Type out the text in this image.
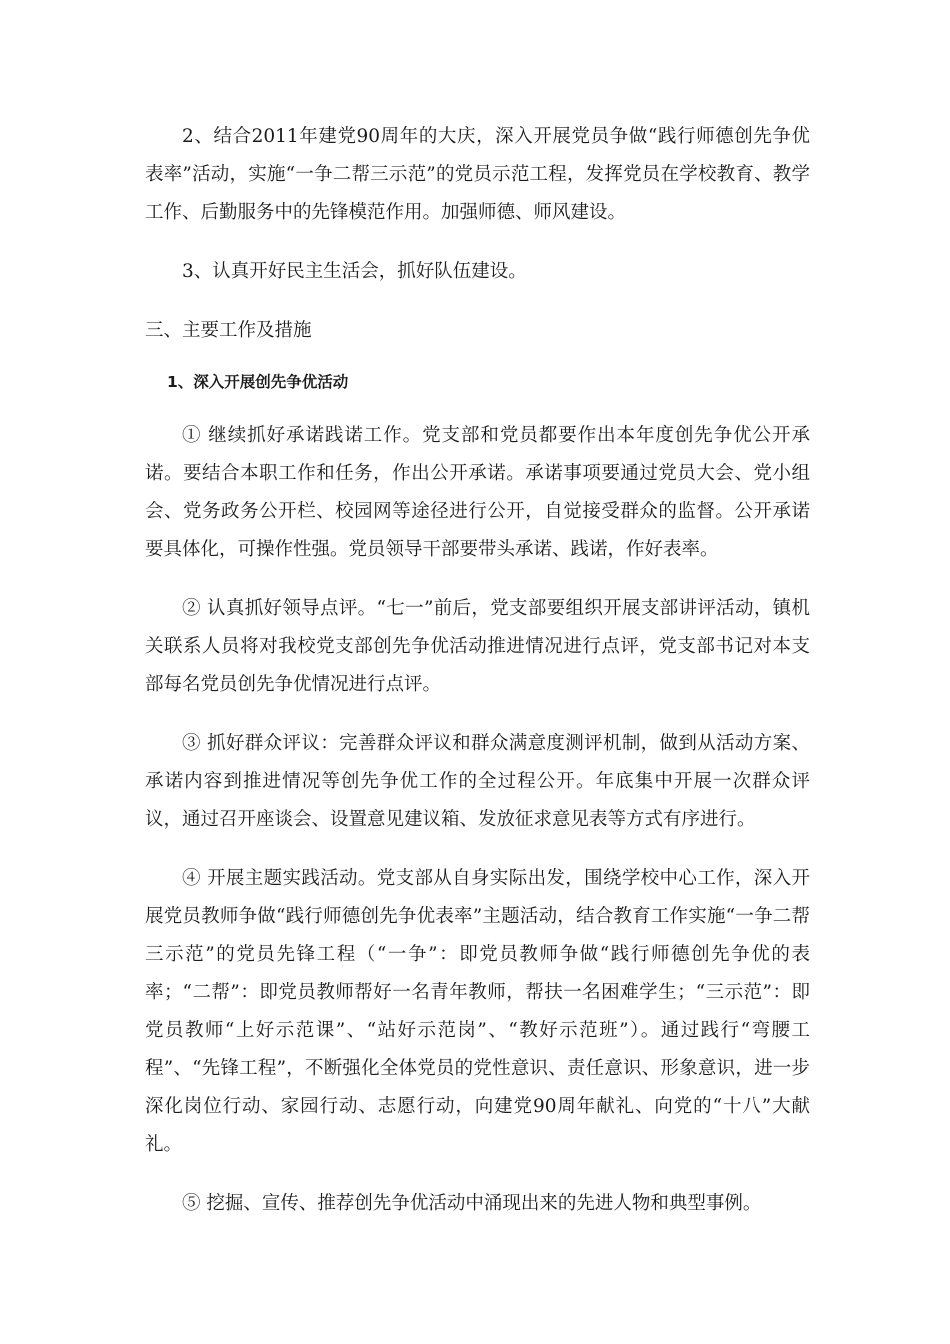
2、结合2011年建党90周年的大庆，深入开展党员争做“践行师德创先争优表率”活动，实施“一争二帮三示范”的党员示范工程，发挥党员在学校教育、教学工作、后勤服务中的先锋模范作用。加强师德、师风建设。

3、认真开好民主生活会，抓好队伍建设。

三、主要工作及措施
1、深入开展创先争优活动

① 继续抓好承诺践诺工作。党支部和党员都要作出本年度创先争优公开承诺。要结合本职工作和任务，作出公开承诺。承诺事项要通过党员大会、党小组会、党务政务公开栏、校园网等途径进行公开，自觉接受群众的监督。公开承诺要具体化，可操作性强。党员领导干部要带头承诺、践诺，作好表率。

② 认真抓好领导点评。“七一”前后，党支部要组织开展支部讲评活动，镇机关联系人员将对我校党支部创先争优活动推进情况进行点评，党支部书记对本支部每名党员创先争优情况进行点评。

③ 抓好群众评议：完善群众评议和群众满意度测评机制，做到从活动方案、承诺内容到推进情况等创先争优工作的全过程公开。年底集中开展一次群众评议，通过召开座谈会、设置意见建议箱、发放征求意见表等方式有序进行。

④ 开展主题实践活动。党支部从自身实际出发，围绕学校中心工作，深入开展党员教师争做“践行师德创先争优表率”主题活动，结合教育工作实施“一争二帮三示范”的党员先锋工程（“一争”：即党员教师争做“践行师德创先争优的表率；“二帮”：即党员教师帮好一名青年教师，帮扶一名困难学生；“三示范”：即党员教师“上好示范课”、“站好示范岗”、“教好示范班”）。通过践行“弯腰工程”、“先锋工程”，不断强化全体党员的党性意识、责任意识、形象意识，进一步深化岗位行动、家园行动、志愿行动，向建党90周年献礼、向党的“十八”大献礼。

⑤ 挖掘、宣传、推荐创先争优活动中涌现出来的先进人物和典型事例。
